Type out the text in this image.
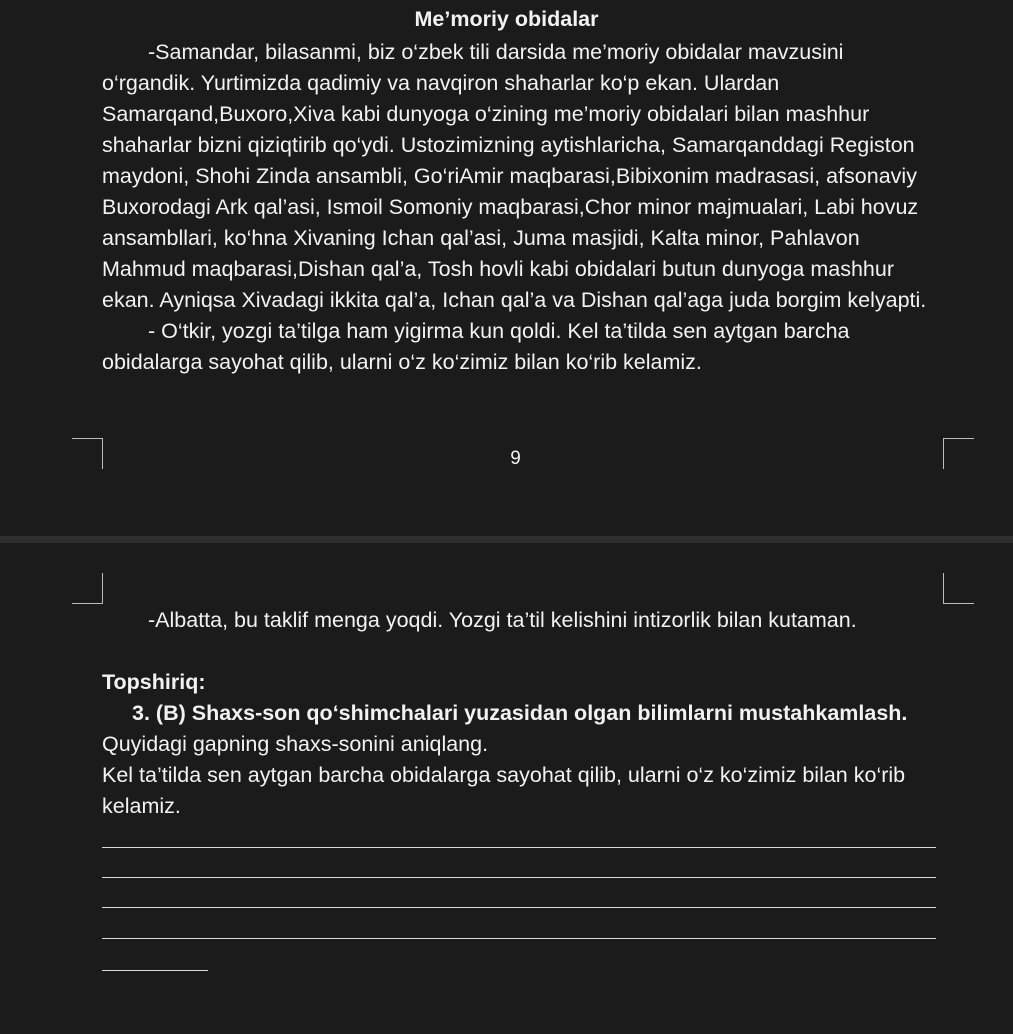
Me’moriy obidalar

-Samandar, bilasanmi, biz o‘zbek tili darsida me’moriy obidalar mavzusini o‘rgandik. Yurtimizda qadimiy va navqiron shaharlar ko‘p ekan. Ulardan Samarqand,Buxoro,Xiva kabi dunyoga o‘zining me’moriy obidalari bilan mashhur shaharlar bizni qiziqtirib qo‘ydi. Ustozimizning aytishlaricha, Samarqanddagi Registon maydoni, Shohi Zinda ansambli, Go‘riAmir maqbarasi,Bibixonim madrasasi, afsonaviy Buxorodagi Ark qal’asi, Ismoil Somoniy maqbarasi,Chor minor majmualari, Labi hovuz ansambllari, ko‘hna Xivaning Ichan qal’asi, Juma masjidi, Kalta minor, Pahlavon Mahmud maqbarasi,Dishan qal’a, Tosh hovli kabi obidalari butun dunyoga mashhur ekan. Ayniqsa Xivadagi ikkita qal’a, Ichan qal’a va Dishan qal’aga juda borgim kelyapti.

- O‘tkir, yozgi ta’tilga ham yigirma kun qoldi. Kel ta’tilda sen aytgan barcha obidalarga sayohat qilib, ularni o‘z ko‘zimiz bilan ko‘rib kelamiz.

9

-Albatta, bu taklif menga yoqdi. Yozgi ta’til kelishini intizorlik bilan kutaman.

Topshiriq:
3. (B) Shaxs-son qo‘shimchalari yuzasidan olgan bilimlarni mustahkamlash.
Quyidagi gapning shaxs-sonini aniqlang.
Kel ta’tilda sen aytgan barcha obidalarga sayohat qilib, ularni o‘z ko‘zimiz bilan ko‘rib kelamiz.
